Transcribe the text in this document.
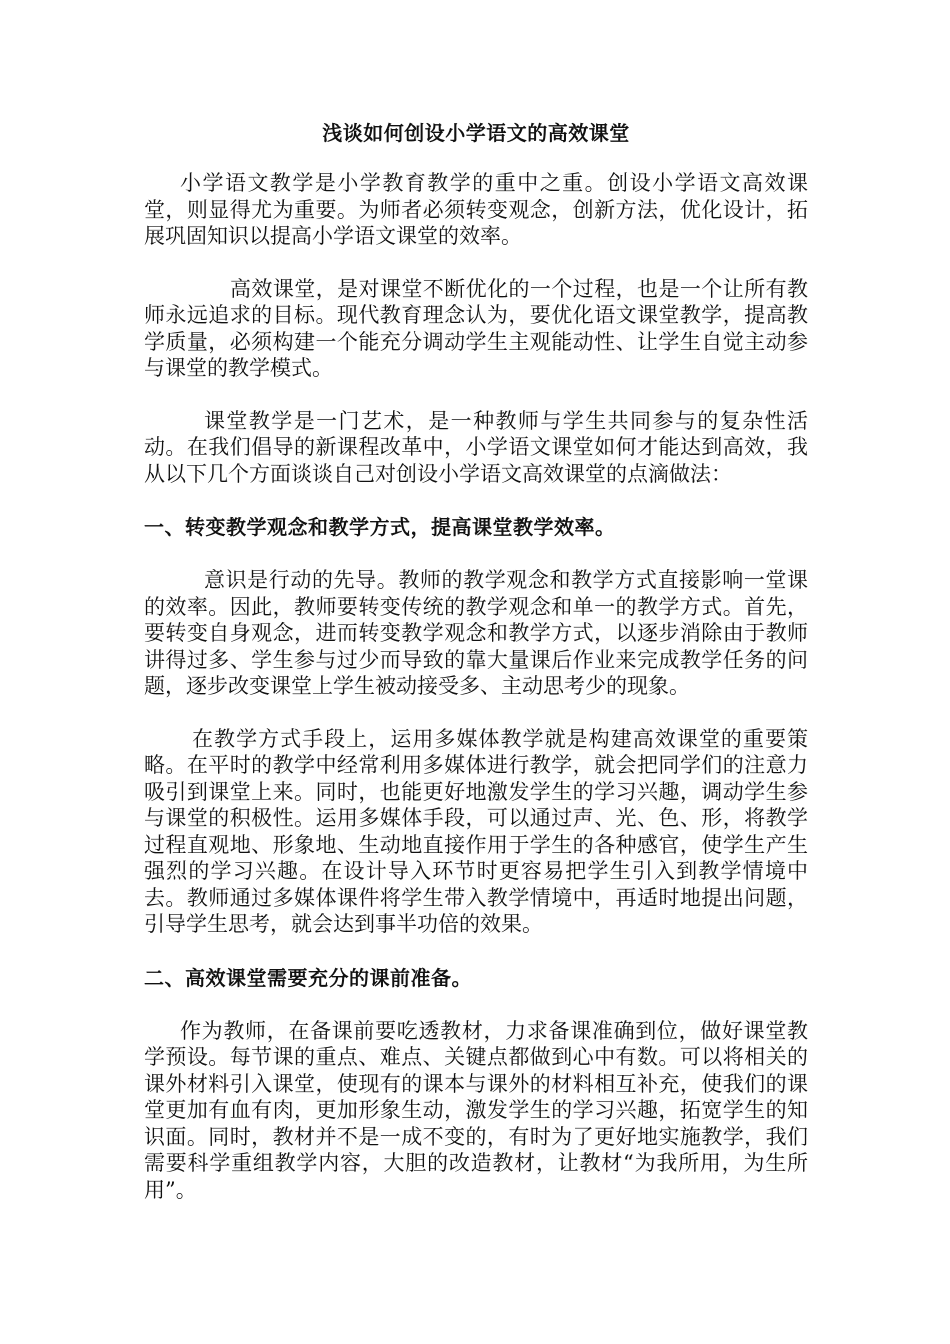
浅谈如何创设小学语文的高效课堂

小学语文教学是小学教育教学的重中之重。创设小学语文高效课堂，则显得尤为重要。为师者必须转变观念，创新方法，优化设计，拓展巩固知识以提高小学语文课堂的效率。

高效课堂，是对课堂不断优化的一个过程，也是一个让所有教师永远追求的目标。现代教育理念认为，要优化语文课堂教学，提高教学质量，必须构建一个能充分调动学生主观能动性、让学生自觉主动参与课堂的教学模式。

课堂教学是一门艺术，是一种教师与学生共同参与的复杂性活动。在我们倡导的新课程改革中，小学语文课堂如何才能达到高效，我从以下几个方面谈谈自己对创设小学语文高效课堂的点滴做法：

一、转变教学观念和教学方式，提高课堂教学效率。

意识是行动的先导。教师的教学观念和教学方式直接影响一堂课的效率。因此，教师要转变传统的教学观念和单一的教学方式。首先，要转变自身观念，进而转变教学观念和教学方式，以逐步消除由于教师讲得过多、学生参与过少而导致的靠大量课后作业来完成教学任务的问题，逐步改变课堂上学生被动接受多、主动思考少的现象。

在教学方式手段上，运用多媒体教学就是构建高效课堂的重要策略。在平时的教学中经常利用多媒体进行教学，就会把同学们的注意力吸引到课堂上来。同时，也能更好地激发学生的学习兴趣，调动学生参与课堂的积极性。运用多媒体手段，可以通过声、光、色、形，将教学过程直观地、形象地、生动地直接作用于学生的各种感官，使学生产生强烈的学习兴趣。在设计导入环节时更容易把学生引入到教学情境中去。教师通过多媒体课件将学生带入教学情境中，再适时地提出问题，引导学生思考，就会达到事半功倍的效果。

二、高效课堂需要充分的课前准备。

作为教师，在备课前要吃透教材，力求备课准确到位，做好课堂教学预设。每节课的重点、难点、关键点都做到心中有数。可以将相关的课外材料引入课堂，使现有的课本与课外的材料相互补充，使我们的课堂更加有血有肉，更加形象生动，激发学生的学习兴趣，拓宽学生的知识面。同时，教材并不是一成不变的，有时为了更好地实施教学，我们需要科学重组教学内容，大胆的改造教材，让教材“为我所用，为生所用”。
